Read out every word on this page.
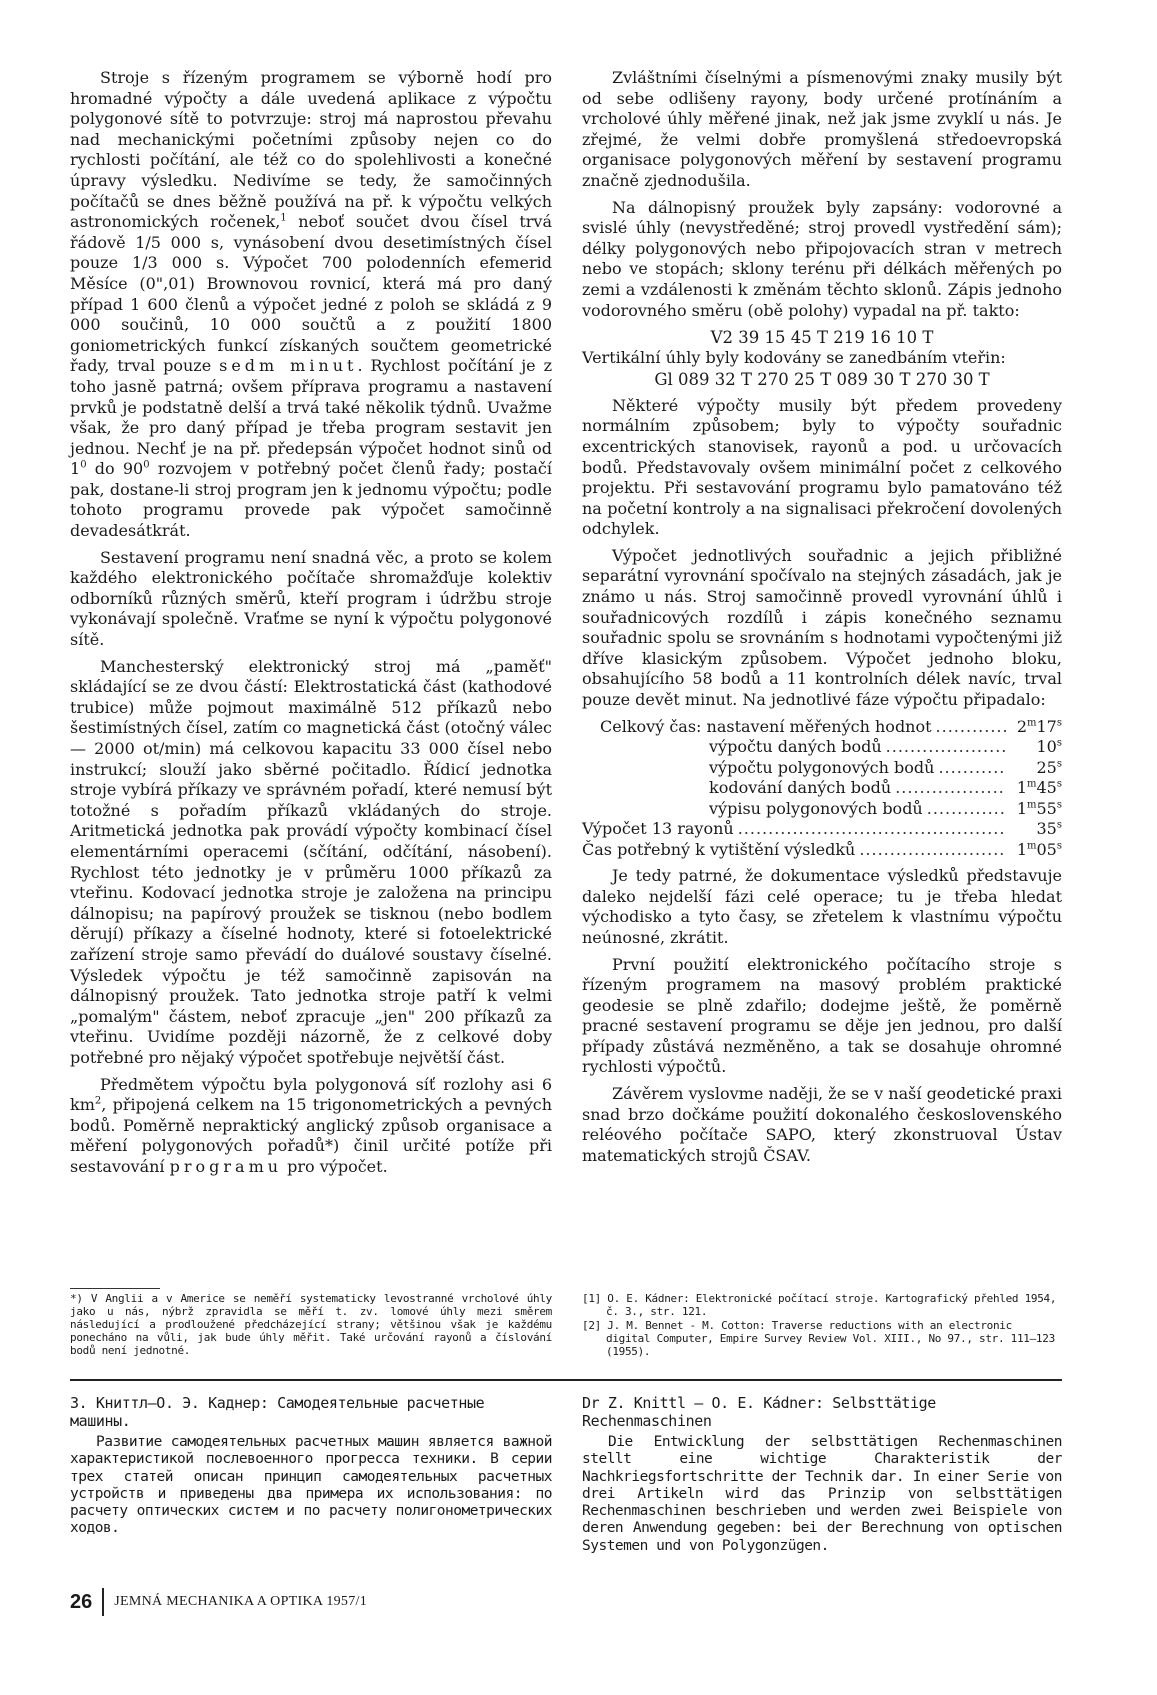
Stroje s řízeným programem se výborně hodí pro hromadné výpočty a dále uvedená aplikace z výpočtu polygonové sítě to potvrzuje: stroj má naprostou převahu nad mechanickými početními způsoby nejen co do rychlosti počítání, ale též co do spolehlivosti a konečné úpravy výsledku. Nedivíme se tedy, že samočinných počítačů se dnes běžně používá na př. k výpočtu velkých astronomických ročenek,$^1$ neboť součet dvou čísel trvá řádově 1/5 000 s, vynásobení dvou desetimístných čísel pouze 1/3 000 s. Výpočet 700 polodenních efemerid Měsíce (0",01) Brownovou rovnicí, která má pro daný případ 1 600 členů a výpočet jedné z poloh se skládá z 9 000 součinů, 10 000 součtů a z použití 1800 goniometrických funkcí získaných součtem geometrické řady, trval pouze sedm minut. Rychlost počítání je z toho jasně patrná; ovšem příprava programu a nastavení prvků je podstatně delší a trvá také několik týdnů. Uvažme však, že pro daný případ je třeba program sestavit jen jednou. Nechť je na př. předepsán výpočet hodnot sinů od $1^0$ do $90^0$ rozvojem v potřebný počet členů řady; postačí pak, dostane-li stroj program jen k jednomu výpočtu; podle tohoto programu provede pak výpočet samočinně devadesátkrát.

Sestavení programu není snadná věc, a proto se kolem každého elektronického počítače shromažďuje kolektiv odborníků různých směrů, kteří program i údržbu stroje vykonávají společně. Vraťme se nyní k výpočtu polygonové sítě.

Manchesterský elektronický stroj má „paměť" skládající se ze dvou částí: Elektrostatická část (kathodové trubice) může pojmout maximálně 512 příkazů nebo šestimístných čísel, zatím co magnetická část (otočný válec — 2000 ot/min) má celkovou kapacitu 33 000 čísel nebo instrukcí; slouží jako sběrné počitadlo. Řídicí jednotka stroje vybírá příkazy ve správném pořadí, které nemusí být totožné s pořadím příkazů vkládaných do stroje. Aritmetická jednotka pak provádí výpočty kombinací čísel elementárními operacemi (sčítání, odčítání, násobení). Rychlost této jednotky je v průměru 1000 příkazů za vteřinu. Kodovací jednotka stroje je založena na principu dálnopisu; na papírový proužek se tisknou (nebo bodlem děrují) příkazy a číselné hodnoty, které si fotoelektrické zařízení stroje samo převádí do duálové soustavy číselné. Výsledek výpočtu je též samočinně zapisován na dálnopisný proužek. Tato jednotka stroje patří k velmi „pomalým" částem, neboť zpracuje „jen" 200 příkazů za vteřinu. Uvidíme později názorně, že z celkové doby potřebné pro nějaký výpočet spotřebuje největší část.

Předmětem výpočtu byla polygonová síť rozlohy asi 6 $km^2$, připojená celkem na 15 trigonometrických a pevných bodů. Poměrně nepraktický anglický způsob organisace a měření polygonových pořadů*) činil určité potíže při sestavování programu pro výpočet.

Zvláštními číselnými a písmenovými znaky musily být od sebe odlišeny rayony, body určené protínáním a vrcholové úhly měřené jinak, než jak jsme zvyklí u nás. Je zřejmé, že velmi dobře promyšlená středoevropská organisace polygonových měření by sestavení programu značně zjednodušila.

Na dálnopisný proužek byly zapsány: vodorovné a svislé úhly (nevystředěné; stroj provedl vystředění sám); délky polygonových nebo připojovacích stran v metrech nebo ve stopách; sklony terénu při délkách měřených po zemi a vzdálenosti k změnám těchto sklonů. Zápis jednoho vodorovného směru (obě polohy) vypadal na př. takto:

V2 39 15 45 T 219 16 10 T
Vertikální úhly byly kodovány se zanedbáním vteřin:
Gl 089 32 T 270 25 T 089 30 T 270 30 T

Některé výpočty musily být předem provedeny normálním způsobem; byly to výpočty souřadnic excentrických stanovisek, rayonů a pod. u určovacích bodů. Představovaly ovšem minimální počet z celkového projektu. Při sestavování programu bylo pamatováno též na početní kontroly a na signalisaci překročení dovolených odchylek.

Výpočet jednotlivých souřadnic a jejich přibližné separátní vyrovnání spočívalo na stejných zásadách, jak je známo u nás. Stroj samočinně provedl vyrovnání úhlů i souřadnicových rozdílů i zápis konečného seznamu souřadnic spolu se srovnáním s hodnotami vypočtenými již dříve klasickým způsobem. Výpočet jednoho bloku, obsahujícího 58 bodů a 11 kontrolních délek navíc, trval pouze devět minut. Na jednotlivé fáze výpočtu připadalo:

Celkový čas: nastavení měřených hodnot .....	2$^m$17$^s$
výpočtu daných bodů .....	10$^s$
výpočtu polygonových bodů .....	25$^s$
kodování daných bodů .....	1$^m$45$^s$
výpisu polygonových bodů .....	1$^m$55$^s$
Výpočet 13 rayonů .....	35$^s$
Čas potřebný k vytištění výsledků .....	1$^m$05$^s$

Je tedy patrné, že dokumentace výsledků představuje daleko nejdelší fázi celé operace; tu je třeba hledat východisko a tyto časy, se zřetelem k vlastnímu výpočtu neúnosné, zkrátit.

První použití elektronického počítacího stroje s řízeným programem na masový problém praktické geodesie se plně zdařilo; dodejme ještě, že poměrně pracné sestavení programu se děje jen jednou, pro další případy zůstává nezměněno, a tak se dosahuje ohromné rychlosti výpočtů.

Závěrem vyslovme naději, že se v naší geodetické praxi snad brzo dočkáme použití dokonalého československého reléového počítače SAPO, který zkonstruoval Ústav matematických strojů ČSAV.

*) V Anglii a v Americe se neměří systematicky levostranné vrcholové úhly jako u nás, nýbrž zpravidla se měří t. zv. lomové úhly mezi směrem následující a prodloužené předcházející strany; většinou však je každému ponecháno na vůli, jak bude úhly měřit. Také určování rayonů a číslování bodů není jednotné.
[1] O. E. Kádner: Elektronické počítací stroje. Kartografický přehled 1954, č. 3., str. 121.
[2] J. M. Bennet - M. Cotton: Traverse reductions with an electronic digital Computer, Empire Survey Review Vol. XIII., No 97., str. 111—123 (1955).

З. Книттл—О. Э. Каднер: Самодеятельные расчетные машины.

Развитие самодеятельных расчетных машин является важной характеристикой послевоенного прогресса техники. В серии трех статей описан принцип самодеятельных расчетных устройств и приведены два примера их использования: по расчету оптических систем и по расчету полигонометрических ходов.

Dr Z. Knittl — O. E. Kádner: Selbsttätige Rechenmaschinen

Die Entwicklung der selbsttätigen Rechenmaschinen stellt eine wichtige Charakteristik der Nachkriegsfortschritte der Technik dar. In einer Serie von drei Artikeln wird das Prinzip von selbsttätigen Rechenmaschinen beschrieben und werden zwei Beispiele von deren Anwendung gegeben: bei der Berechnung von optischen Systemen und von Polygonzügen.

26 JEMNÁ MECHANIKA A OPTIKA 1957/1
